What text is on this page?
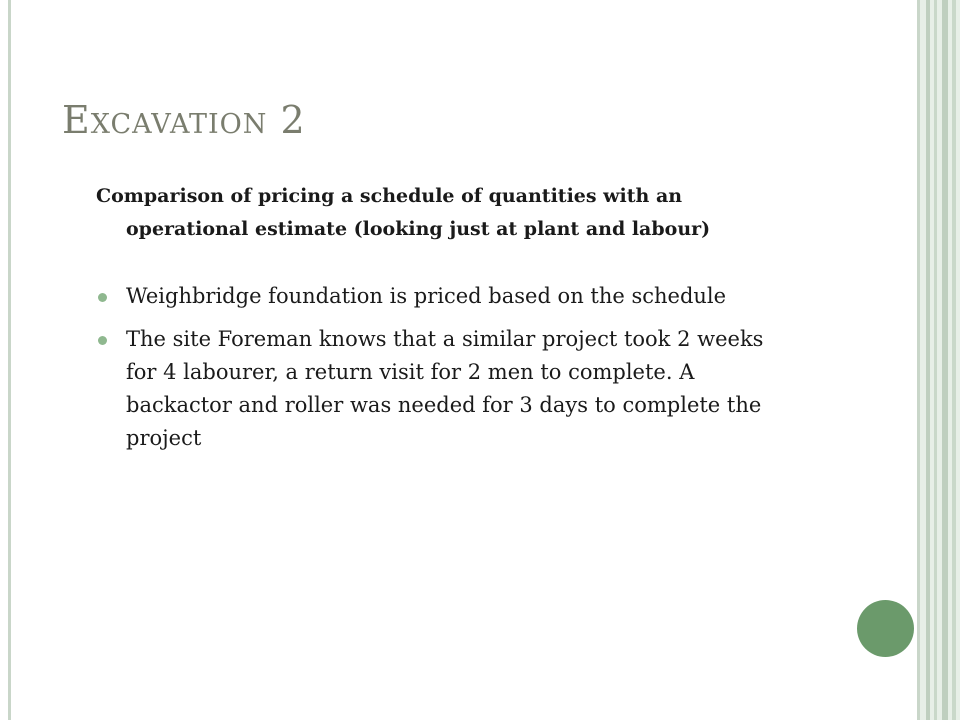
Excavation 2

Comparison of pricing a schedule of quantities with an operational estimate (looking just at plant and labour)

Weighbridge foundation is priced based on the schedule
The site Foreman knows that a similar project took 2 weeks for 4 labourer, a return visit for 2 men to complete. A backactor and roller was needed for 3 days to complete the project
